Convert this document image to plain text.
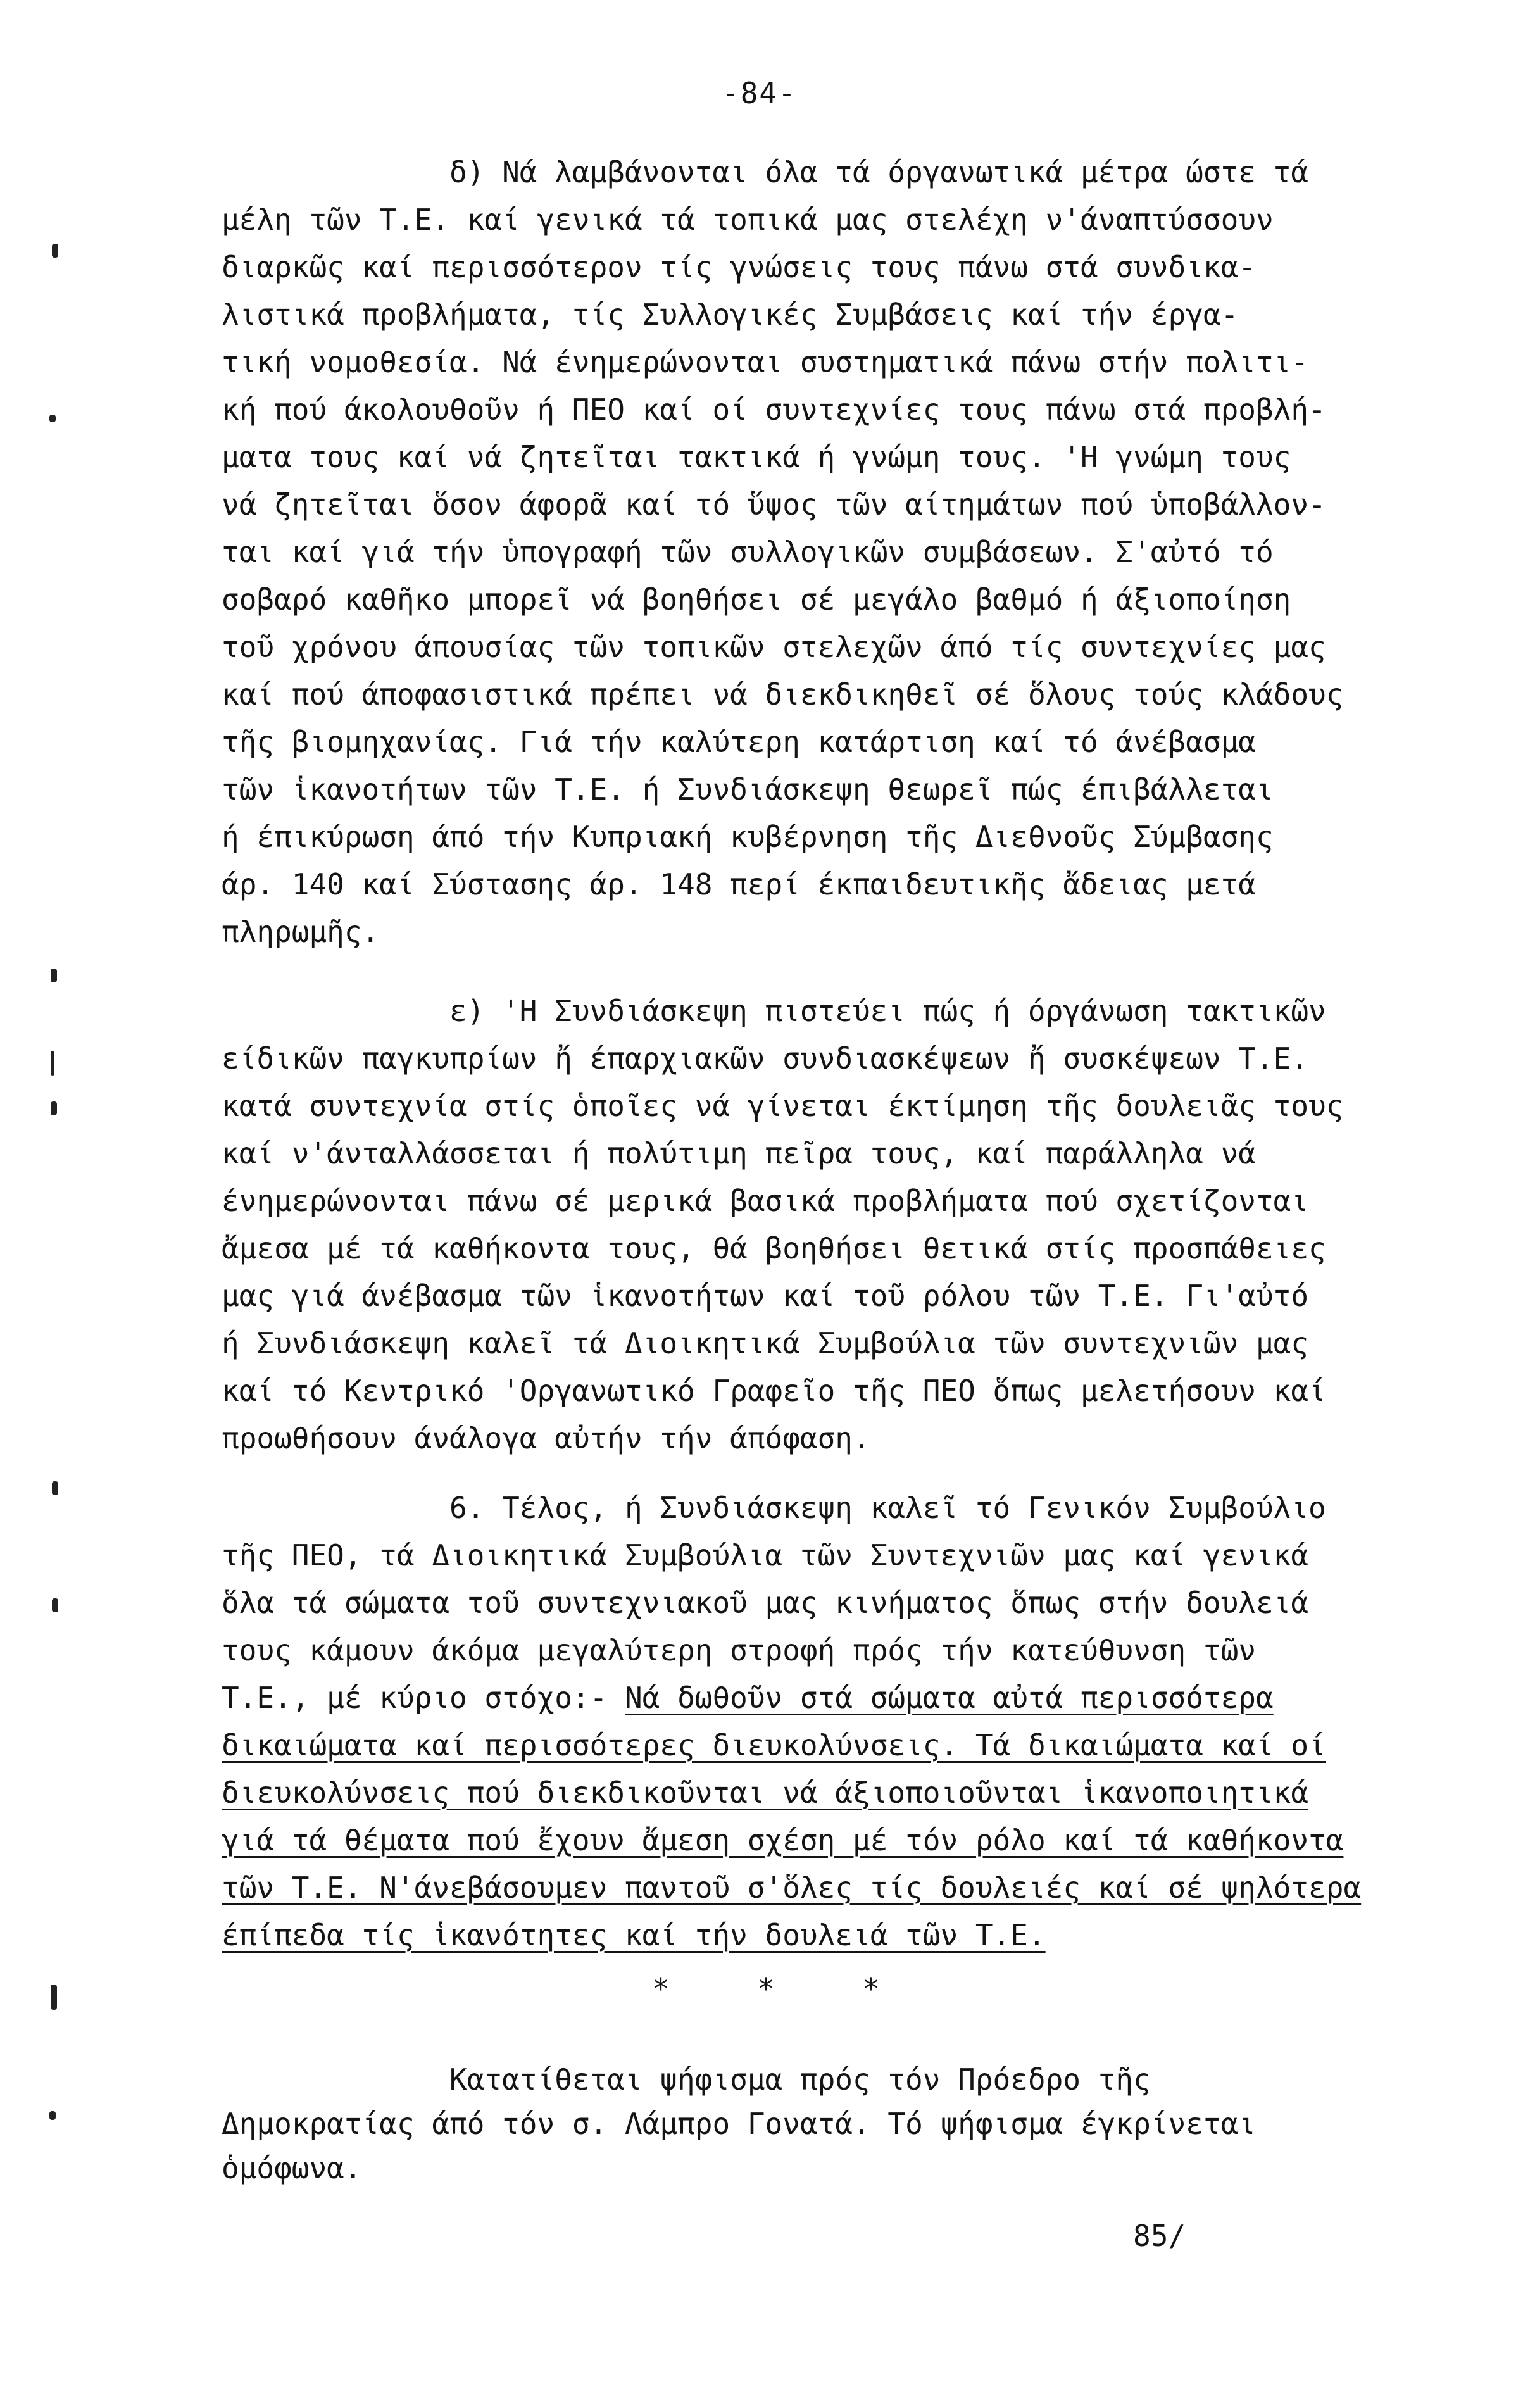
-84-
δ) Νά λαμβάνονται όλα τά όργανωτικά μέτρα ώστε τά
μέλη τῶν Τ.Ε. καί γενικά τά τοπικά μας στελέχη ν'άναπτύσσουν
διαρκῶς καί περισσότερον τίς γνώσεις τους πάνω στά συνδικα-
λιστικά προβλήματα, τίς Συλλογικές Συμβάσεις καί τήν έργα-
τική νομοθεσία. Νά ένημερώνονται συστηματικά πάνω στήν πολιτι-
κή πού άκολουθοῦν ή ΠΕΟ καί οί συντεχνίες τους πάνω στά προβλή-
ματα τους καί νά ζητεῖται τακτικά ή γνώμη τους. 'Η γνώμη τους
νά ζητεῖται ὅσον άφορᾶ καί τό ὕψος τῶν αίτημάτων πού ὑποβάλλον-
ται καί γιά τήν ὑπογραφή τῶν συλλογικῶν συμβάσεων. Σ'αὐτό τό
σοβαρό καθῆκο μπορεῖ νά βοηθήσει σέ μεγάλο βαθμό ή άξιοποίηση
τοῦ χρόνου άπουσίας τῶν τοπικῶν στελεχῶν άπό τίς συντεχνίες μας
καί πού άποφασιστικά πρέπει νά διεκδικηθεῖ σέ ὅλους τούς κλάδους
τῆς βιομηχανίας. Γιά τήν καλύτερη κατάρτιση καί τό άνέβασμα
τῶν ἱκανοτήτων τῶν Τ.Ε. ή Συνδιάσκεψη θεωρεῖ πώς έπιβάλλεται
ή έπικύρωση άπό τήν Κυπριακή κυβέρνηση τῆς Διεθνοῦς Σύμβασης
άρ. 140 καί Σύστασης άρ. 148 περί έκπαιδευτικῆς ἄδειας μετά
πληρωμῆς.
ε) 'Η Συνδιάσκεψη πιστεύει πώς ή όργάνωση τακτικῶν
είδικῶν παγκυπρίων ἤ έπαρχιακῶν συνδιασκέψεων ἤ συσκέψεων Τ.Ε.
κατά συντεχνία στίς ὁποῖες νά γίνεται έκτίμηση τῆς δουλειᾶς τους
καί ν'άνταλλάσσεται ή πολύτιμη πεῖρα τους, καί παράλληλα νά
ένημερώνονται πάνω σέ μερικά βασικά προβλήματα πού σχετίζονται
ἄμεσα μέ τά καθήκοντα τους, θά βοηθήσει θετικά στίς προσπάθειες
μας γιά άνέβασμα τῶν ἱκανοτήτων καί τοῦ ρόλου τῶν Τ.Ε. Γι'αὐτό
ή Συνδιάσκεψη καλεῖ τά Διοικητικά Συμβούλια τῶν συντεχνιῶν μας
καί τό Κεντρικό 'Οργανωτικό Γραφεῖο τῆς ΠΕΟ ὅπως μελετήσουν καί
προωθήσουν άνάλογα αὐτήν τήν άπόφαση.
6. Τέλος, ή Συνδιάσκεψη καλεῖ τό Γενικόν Συμβούλιο
τῆς ΠΕΟ, τά Διοικητικά Συμβούλια τῶν Συντεχνιῶν μας καί γενικά
ὅλα τά σώματα τοῦ συντεχνιακοῦ μας κινήματος ὅπως στήν δουλειά
τους κάμουν άκόμα μεγαλύτερη στροφή πρός τήν κατεύθυνση τῶν
Τ.Ε., μέ κύριο στόχο:- Νά δωθοῦν στά σώματα αὐτά περισσότερα
δικαιώματα καί περισσότερες διευκολύνσεις. Τά δικαιώματα καί οί
διευκολύνσεις πού διεκδικοῦνται νά άξιοποιοῦνται ἱκανοποιητικά
γιά τά θέματα πού ἔχουν ἄμεση σχέση μέ τόν ρόλο καί τά καθήκοντα
τῶν Τ.Ε. Ν'άνεβάσουμεν παντοῦ σ'ὅλες τίς δουλειές καί σέ ψηλότερα
έπίπεδα τίς ἱκανότητες καί τήν δουλειά τῶν Τ.Ε.
*     *     *
Κατατίθεται ψήφισμα πρός τόν Πρόεδρο τῆς
Δημοκρατίας άπό τόν σ. Λάμπρο Γονατά. Τό ψήφισμα έγκρίνεται
ὁμόφωνα.
85/
